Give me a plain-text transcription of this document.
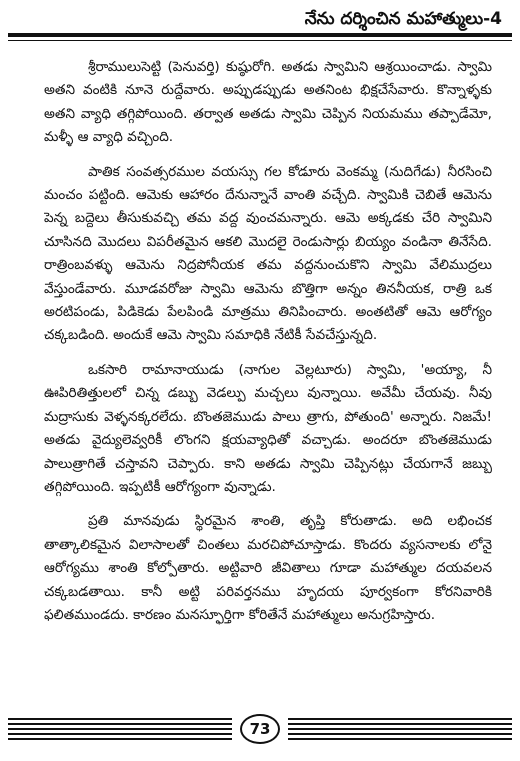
నేను దర్శించిన మహాత్ములు-4

శ్రీరాములుసెట్టి (పెనువర్తి) కుష్ఠురోగి. అతడు స్వామిని ఆశ్రయించాడు. స్వామి అతని వంటికి నూనె రుద్దేవారు. అప్పుడప్పుడు అతనింట భిక్షచేసేవారు. కొన్నాళ్ళకు అతని వ్యాధి తగ్గిపోయింది. తర్వాత అతడు స్వామి చెప్పిన నియమము తప్పాడేమో, మళ్ళీ ఆ వ్యాధి వచ్చింది.

పాతిక సంవత్సరముల వయస్సు గల కోడూరు వెంకమ్మ (నుదిగేడు) నీరసించి మంచం పట్టింది. ఆమెకు ఆహారం దేనున్నానే వాంతి వచ్చేది. స్వామికి చెబితే ఆమెను పెన్న బద్దెలు తీసుకువచ్చి తమ వద్ద వుంచమన్నారు. ఆమె అక్కడకు చేరి స్వామిని చూసినది మొదలు విపరీతమైన ఆకలి మొదలై రెండుసార్లు బియ్యం వండినా తినేసేది. రాత్రింబవళ్ళు ఆమెను నిద్రపోనీయక తమ వద్దనుంచుకొని స్వామి వేలిముద్రలు వేస్తుండేవారు. మూడవరోజు స్వామి ఆమెను బొత్తిగా అన్నం తిననీయక, రాత్రి ఒక అరటిపండు, పిడికెడు పేలపిండి మాత్రము తినిపించారు. అంతటితో ఆమె ఆరోగ్యం చక్కబడింది. అందుకే ఆమె స్వామి సమాధికి నేటికీ సేవచేస్తున్నది.

ఒకసారి రామానాయుడు (నాగుల వెల్లటూరు) స్వామి, 'అయ్యా, నీ ఊపిరితిత్తులలో చిన్న డబ్బు వెడల్పు మచ్చలు వున్నాయి. అవేమీ చేయవు. నీవు మద్రాసుకు వెళ్ళనక్కరలేదు. బొంతజెముడు పాలు త్రాగు, పోతుంది' అన్నారు. నిజమే! అతడు వైద్యులెవ్వరికీ లొంగని క్షయవ్యాధితో వచ్చాడు. అందరూ బొంతజెముడు పాలుత్రాగితే చస్తావని చెప్పారు. కాని అతడు స్వామి చెప్పినట్లు చేయగానే జబ్బు తగ్గిపోయింది. ఇప్పటికీ ఆరోగ్యంగా వున్నాడు.

ప్రతి మానవుడు స్థిరమైన శాంతి, తృప్తి కోరుతాడు. అది లభించక తాత్కాలికమైన విలాసాలతో చింతలు మరచిపోచూస్తాడు. కొందరు వ్యసనాలకు లోనై ఆరోగ్యము శాంతి కోల్పోతారు. అట్టివారి జీవితాలు గూడా మహాత్ముల దయవలన చక్కబడతాయి. కానీ అట్టి పరివర్తనము హృదయ పూర్వకంగా కోరనివారికి ఫలితముండదు. కారణం మనస్ఫూర్తిగా కోరితేనే మహాత్ములు అనుగ్రహిస్తారు.

73
